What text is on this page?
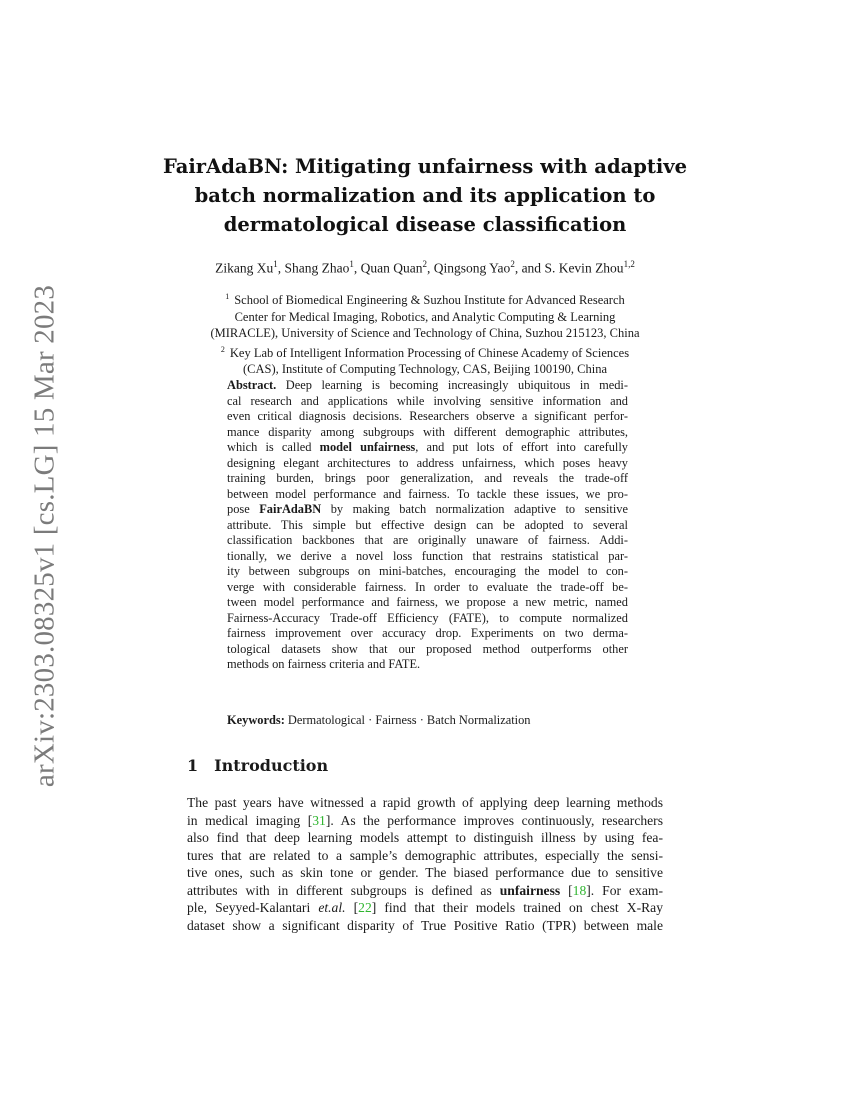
arXiv:2303.08325v1 [cs.LG] 15 Mar 2023
FairAdaBN: Mitigating unfairness with adaptive
batch normalization and its application to
dermatological disease classification
Zikang Xu$^1$, Shang Zhao$^1$, Quan Quan$^2$, Qingsong Yao$^2$, and S. Kevin Zhou$^{1,2}$
$^1$ School of Biomedical Engineering & Suzhou Institute for Advanced Research
Center for Medical Imaging, Robotics, and Analytic Computing & Learning
(MIRACLE), University of Science and Technology of China, Suzhou 215123, China
$^2$ Key Lab of Intelligent Information Processing of Chinese Academy of Sciences
(CAS), Institute of Computing Technology, CAS, Beijing 100190, China
Abstract. Deep learning is becoming increasingly ubiquitous in medi-
cal research and applications while involving sensitive information and
even critical diagnosis decisions. Researchers observe a significant perfor-
mance disparity among subgroups with different demographic attributes,
which is called model unfairness, and put lots of effort into carefully
designing elegant architectures to address unfairness, which poses heavy
training burden, brings poor generalization, and reveals the trade-off
between model performance and fairness. To tackle these issues, we pro-
pose FairAdaBN by making batch normalization adaptive to sensitive
attribute. This simple but effective design can be adopted to several
classification backbones that are originally unaware of fairness. Addi-
tionally, we derive a novel loss function that restrains statistical par-
ity between subgroups on mini-batches, encouraging the model to con-
verge with considerable fairness. In order to evaluate the trade-off be-
tween model performance and fairness, we propose a new metric, named
Fairness-Accuracy Trade-off Efficiency (FATE), to compute normalized
fairness improvement over accuracy drop. Experiments on two derma-
tological datasets show that our proposed method outperforms other
methods on fairness criteria and FATE.
Keywords: Dermatological · Fairness · Batch Normalization
1 Introduction
The past years have witnessed a rapid growth of applying deep learning methods
in medical imaging [31]. As the performance improves continuously, researchers
also find that deep learning models attempt to distinguish illness by using fea-
tures that are related to a sample’s demographic attributes, especially the sensi-
tive ones, such as skin tone or gender. The biased performance due to sensitive
attributes with in different subgroups is defined as unfairness [18]. For exam-
ple, Seyyed-Kalantari et.al. [22] find that their models trained on chest X-Ray
dataset show a significant disparity of True Positive Ratio (TPR) between male
